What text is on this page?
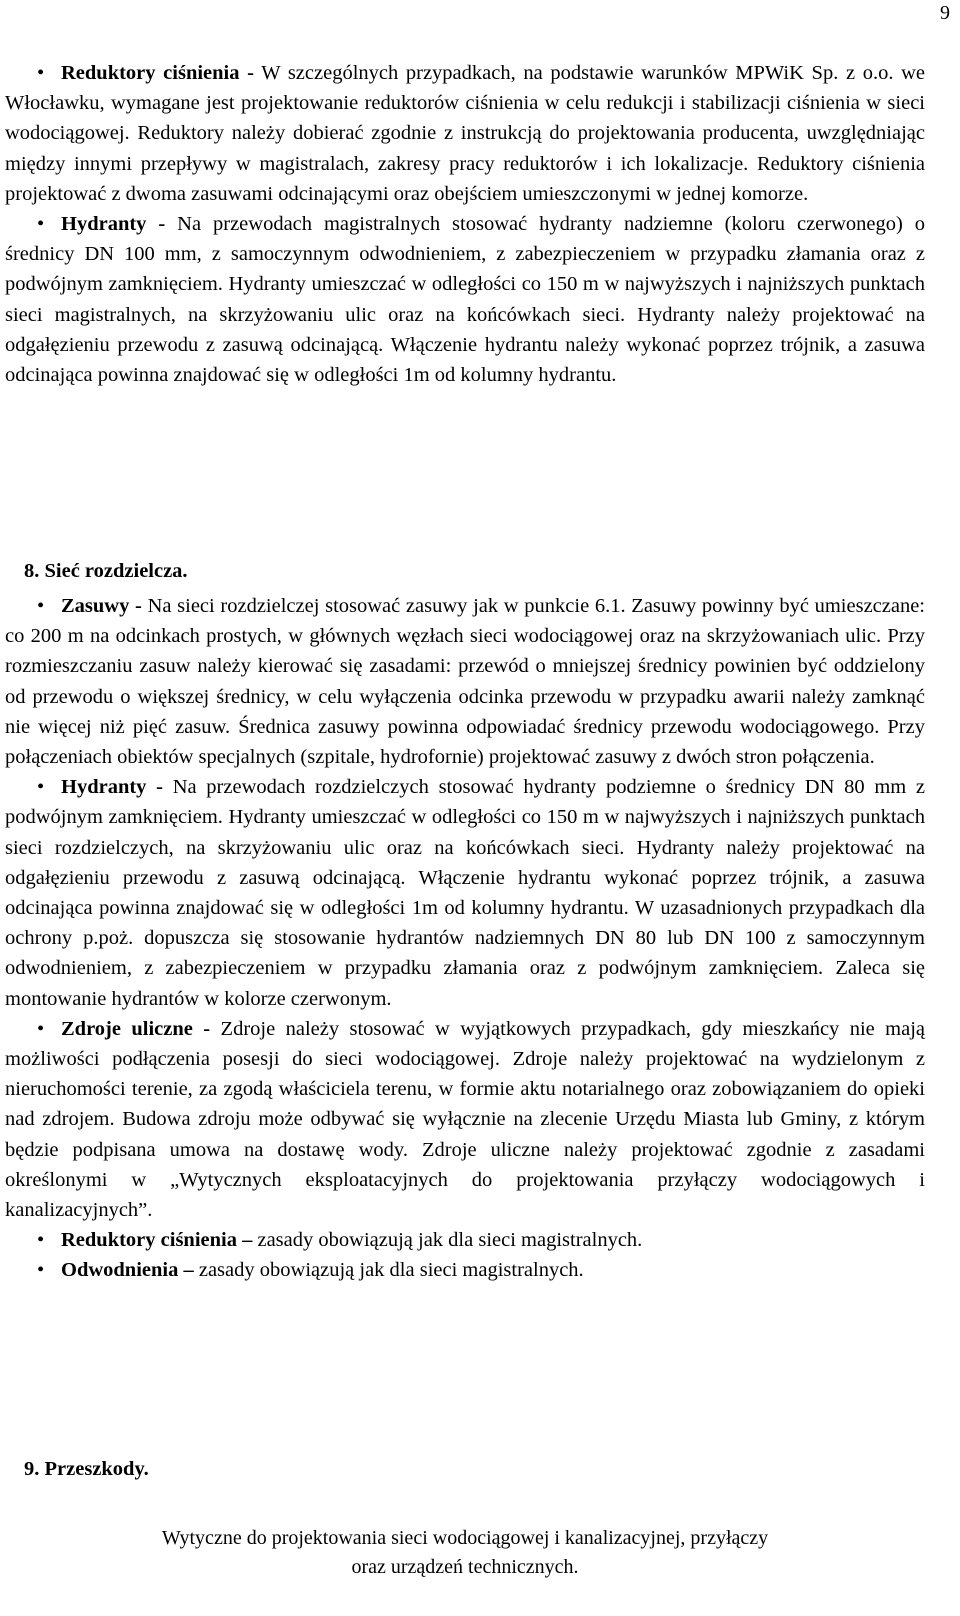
9

• Reduktory ciśnienia - W szczególnych przypadkach, na podstawie warunków MPWiK Sp. z o.o. we Włocławku, wymagane jest projektowanie reduktorów ciśnienia w celu redukcji i stabilizacji ciśnienia w sieci wodociągowej. Reduktory należy dobierać zgodnie z instrukcją do projektowania producenta, uwzględniając między innymi przepływy w magistralach, zakresy pracy reduktorów i ich lokalizacje. Reduktory ciśnienia projektować z dwoma zasuwami odcinającymi oraz obejściem umieszczonymi w jednej komorze.

• Hydranty - Na przewodach magistralnych stosować hydranty nadziemne (koloru czerwonego) o średnicy DN 100 mm, z samoczynnym odwodnieniem, z zabezpieczeniem w przypadku złamania oraz z podwójnym zamknięciem. Hydranty umieszczać w odległości co 150 m w najwyższych i najniższych punktach sieci magistralnych, na skrzyżowaniu ulic oraz na końcówkach sieci. Hydranty należy projektować na odgałęzieniu przewodu z zasuwą odcinającą. Włączenie hydrantu należy wykonać poprzez trójnik, a zasuwa odcinająca powinna znajdować się w odległości 1m od kolumny hydrantu.

8. Sieć rozdzielcza.

• Zasuwy - Na sieci rozdzielczej stosować zasuwy jak w punkcie 6.1. Zasuwy powinny być umieszczane: co 200 m na odcinkach prostych, w głównych węzłach sieci wodociągowej oraz na skrzyżowaniach ulic. Przy rozmieszczaniu zasuw należy kierować się zasadami: przewód o mniejszej średnicy powinien być oddzielony od przewodu o większej średnicy, w celu wyłączenia odcinka przewodu w przypadku awarii należy zamknąć nie więcej niż pięć zasuw. Średnica zasuwy powinna odpowiadać średnicy przewodu wodociągowego. Przy połączeniach obiektów specjalnych (szpitale, hydrofornie) projektować zasuwy z dwóch stron połączenia.

• Hydranty - Na przewodach rozdzielczych stosować hydranty podziemne o średnicy DN 80 mm z podwójnym zamknięciem. Hydranty umieszczać w odległości co 150 m w najwyższych i najniższych punktach sieci rozdzielczych, na skrzyżowaniu ulic oraz na końcówkach sieci. Hydranty należy projektować na odgałęzieniu przewodu z zasuwą odcinającą. Włączenie hydrantu wykonać poprzez trójnik, a zasuwa odcinająca powinna znajdować się w odległości 1m od kolumny hydrantu. W uzasadnionych przypadkach dla ochrony p.poż. dopuszcza się stosowanie hydrantów nadziemnych DN 80 lub DN 100 z samoczynnym odwodnieniem, z zabezpieczeniem w przypadku złamania oraz z podwójnym zamknięciem. Zaleca się montowanie hydrantów w kolorze czerwonym.

• Zdroje uliczne - Zdroje należy stosować w wyjątkowych przypadkach, gdy mieszkańcy nie mają możliwości podłączenia posesji do sieci wodociągowej. Zdroje należy projektować na wydzielonym z nieruchomości terenie, za zgodą właściciela terenu, w formie aktu notarialnego oraz zobowiązaniem do opieki nad zdrojem. Budowa zdroju może odbywać się wyłącznie na zlecenie Urzędu Miasta lub Gminy, z którym będzie podpisana umowa na dostawę wody. Zdroje uliczne należy projektować zgodnie z zasadami określonymi w „Wytycznych eksploatacyjnych do projektowania przyłączy wodociągowych i kanalizacyjnych”.

• Reduktory ciśnienia – zasady obowiązują jak dla sieci magistralnych.

• Odwodnienia – zasady obowiązują jak dla sieci magistralnych.

9. Przeszkody.
Wytyczne do projektowania sieci wodociągowej i kanalizacyjnej, przyłączy
oraz urządzeń technicznych.
